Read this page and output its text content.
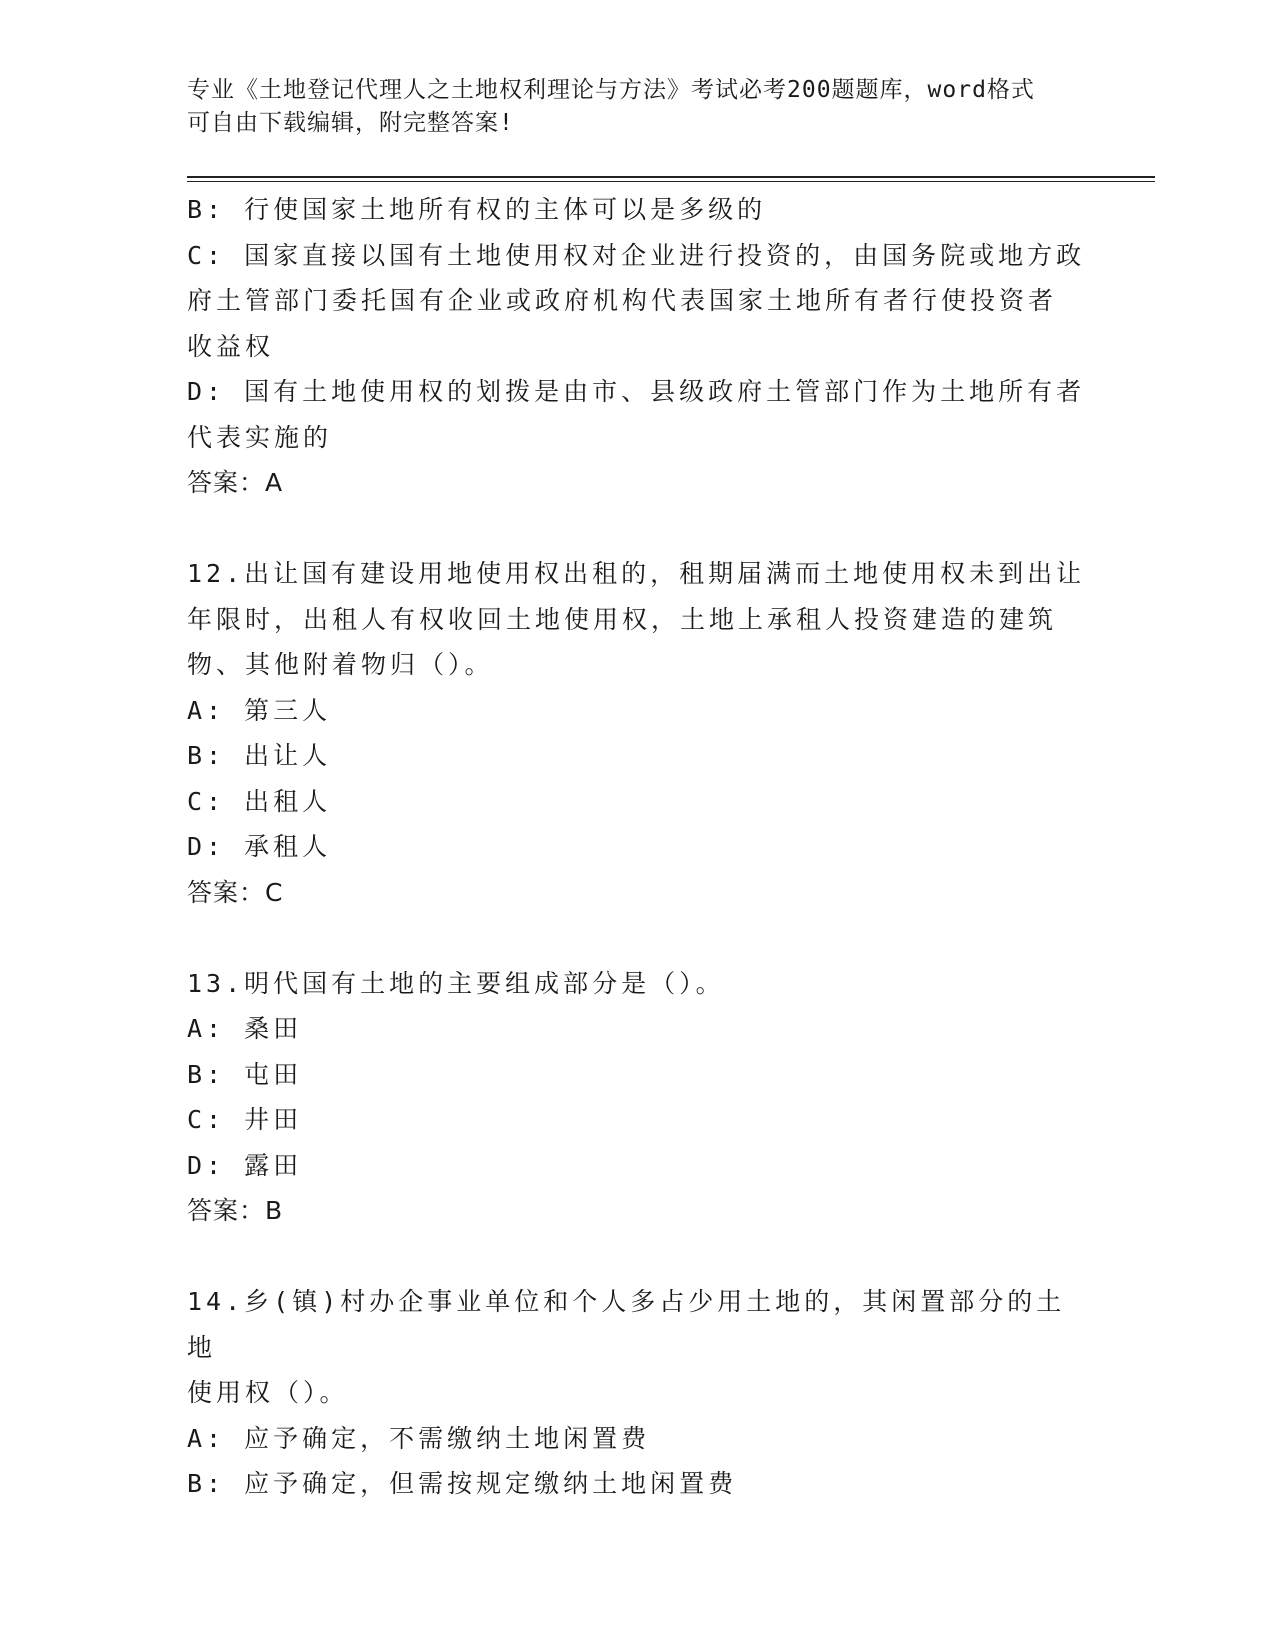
专业《土地登记代理人之土地权利理论与方法》考试必考200题题库，word格式
可自由下载编辑，附完整答案!
B: 行使国家土地所有权的主体可以是多级的
C: 国家直接以国有土地使用权对企业进行投资的，由国务院或地方政
府土管部门委托国有企业或政府机构代表国家土地所有者行使投资者
收益权
D: 国有土地使用权的划拨是由市、县级政府土管部门作为土地所有者
代表实施的
答案：A
12.出让国有建设用地使用权出租的，租期届满而土地使用权未到出让
年限时，出租人有权收回土地使用权，土地上承租人投资建造的建筑
物、其他附着物归（）。
A: 第三人
B: 出让人
C: 出租人
D: 承租人
答案：C
13.明代国有土地的主要组成部分是（）。
A: 桑田
B: 屯田
C: 井田
D: 露田
答案：B
14.乡(镇)村办企事业单位和个人多占少用土地的，其闲置部分的土地
使用权（）。
A: 应予确定，不需缴纳土地闲置费
B: 应予确定，但需按规定缴纳土地闲置费
